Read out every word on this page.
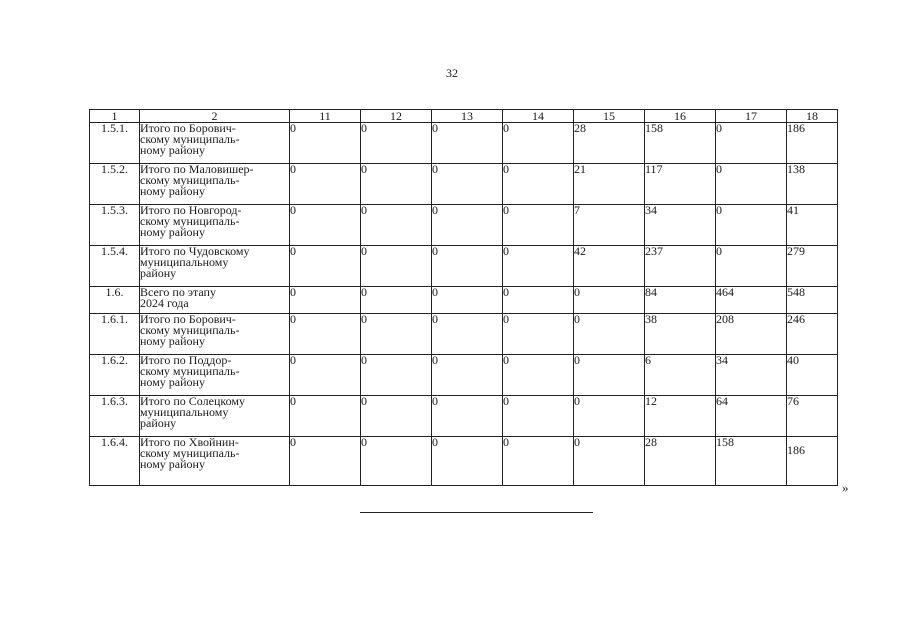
32
1	2	11	12	13	14	15	16	17	18
1.5.1.	Итого по Борович-
скому муниципаль-
ному району	0	0	0	0	28	158	0	186
1.5.2.	Итого по Маловишер-
скому муниципаль-
ному району	0	0	0	0	21	117	0	138
1.5.3.	Итого по Новгород-
скому муниципаль-
ному району	0	0	0	0	7	34	0	41
1.5.4.	Итого по Чудовскому
муниципальному
району	0	0	0	0	42	237	0	279
1.6.	Всего по этапу
2024 года	0	0	0	0	0	84	464	548
1.6.1.	Итого по Борович-
скому муниципаль-
ному району	0	0	0	0	0	38	208	246
1.6.2.	Итого по Поддор-
скому муниципаль-
ному району	0	0	0	0	0	6	34	40
1.6.3.	Итого по Солецкому
муниципальному
району	0	0	0	0	0	12	64	76
1.6.4.	Итого по Хвойнин-
скому муниципаль-
ному району	0	0	0	0	0	28	158	186
»
